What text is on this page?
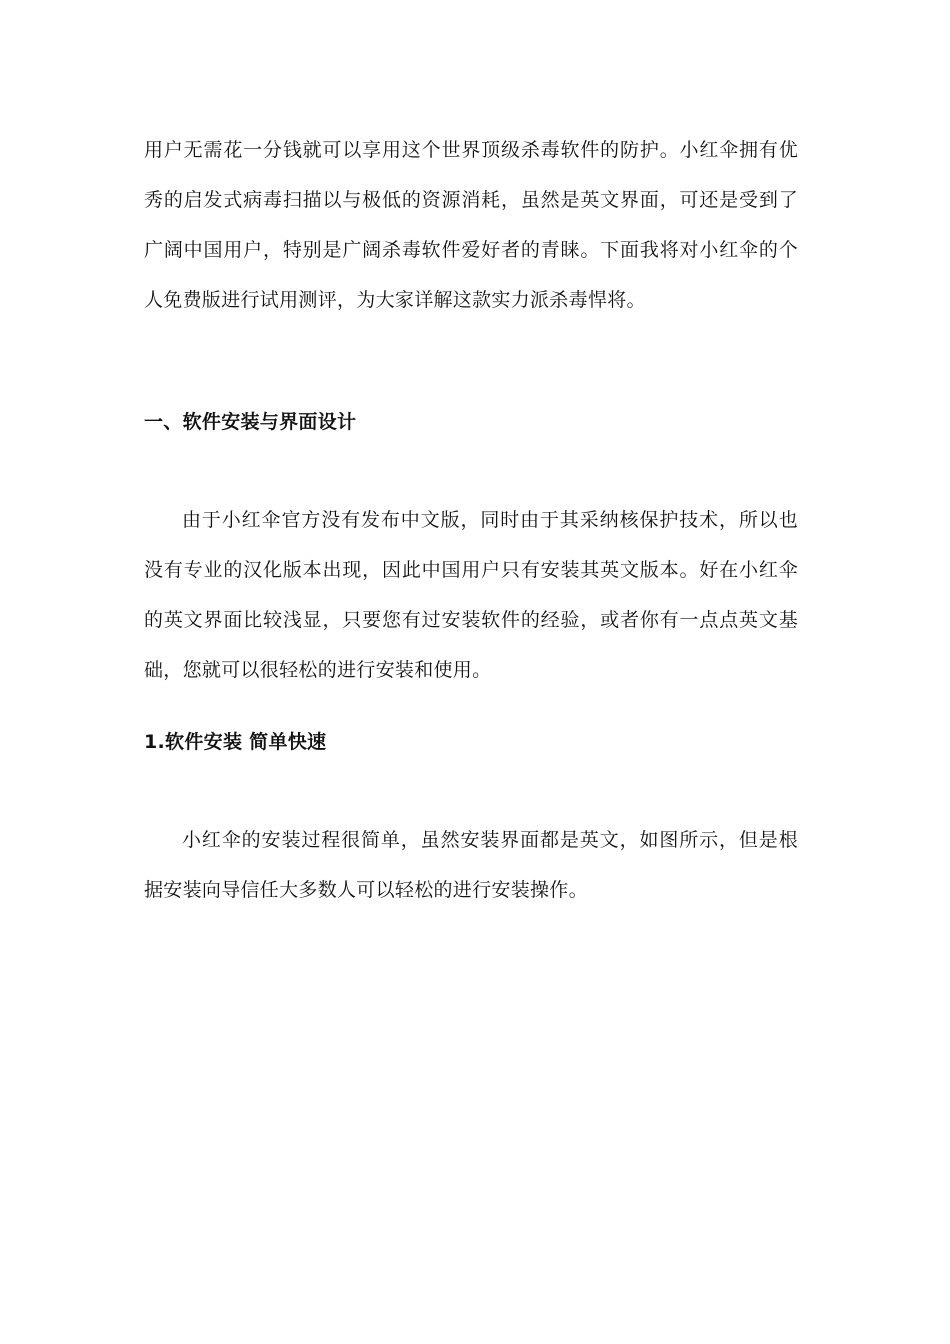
用户无需花一分钱就可以享用这个世界顶级杀毒软件的防护。小红伞拥有优秀的启发式病毒扫描以与极低的资源消耗，虽然是英文界面，可还是受到了广阔中国用户，特别是广阔杀毒软件爱好者的青睐。下面我将对小红伞的个人免费版进行试用测评，为大家详解这款实力派杀毒悍将。

一、软件安装与界面设计

由于小红伞官方没有发布中文版，同时由于其采纳核保护技术，所以也没有专业的汉化版本出现，因此中国用户只有安装其英文版本。好在小红伞的英文界面比较浅显，只要您有过安装软件的经验，或者你有一点点英文基础，您就可以很轻松的进行安装和使用。

1.软件安装 简单快速

小红伞的安装过程很简单，虽然安装界面都是英文，如图所示，但是根据安装向导信任大多数人可以轻松的进行安装操作。
